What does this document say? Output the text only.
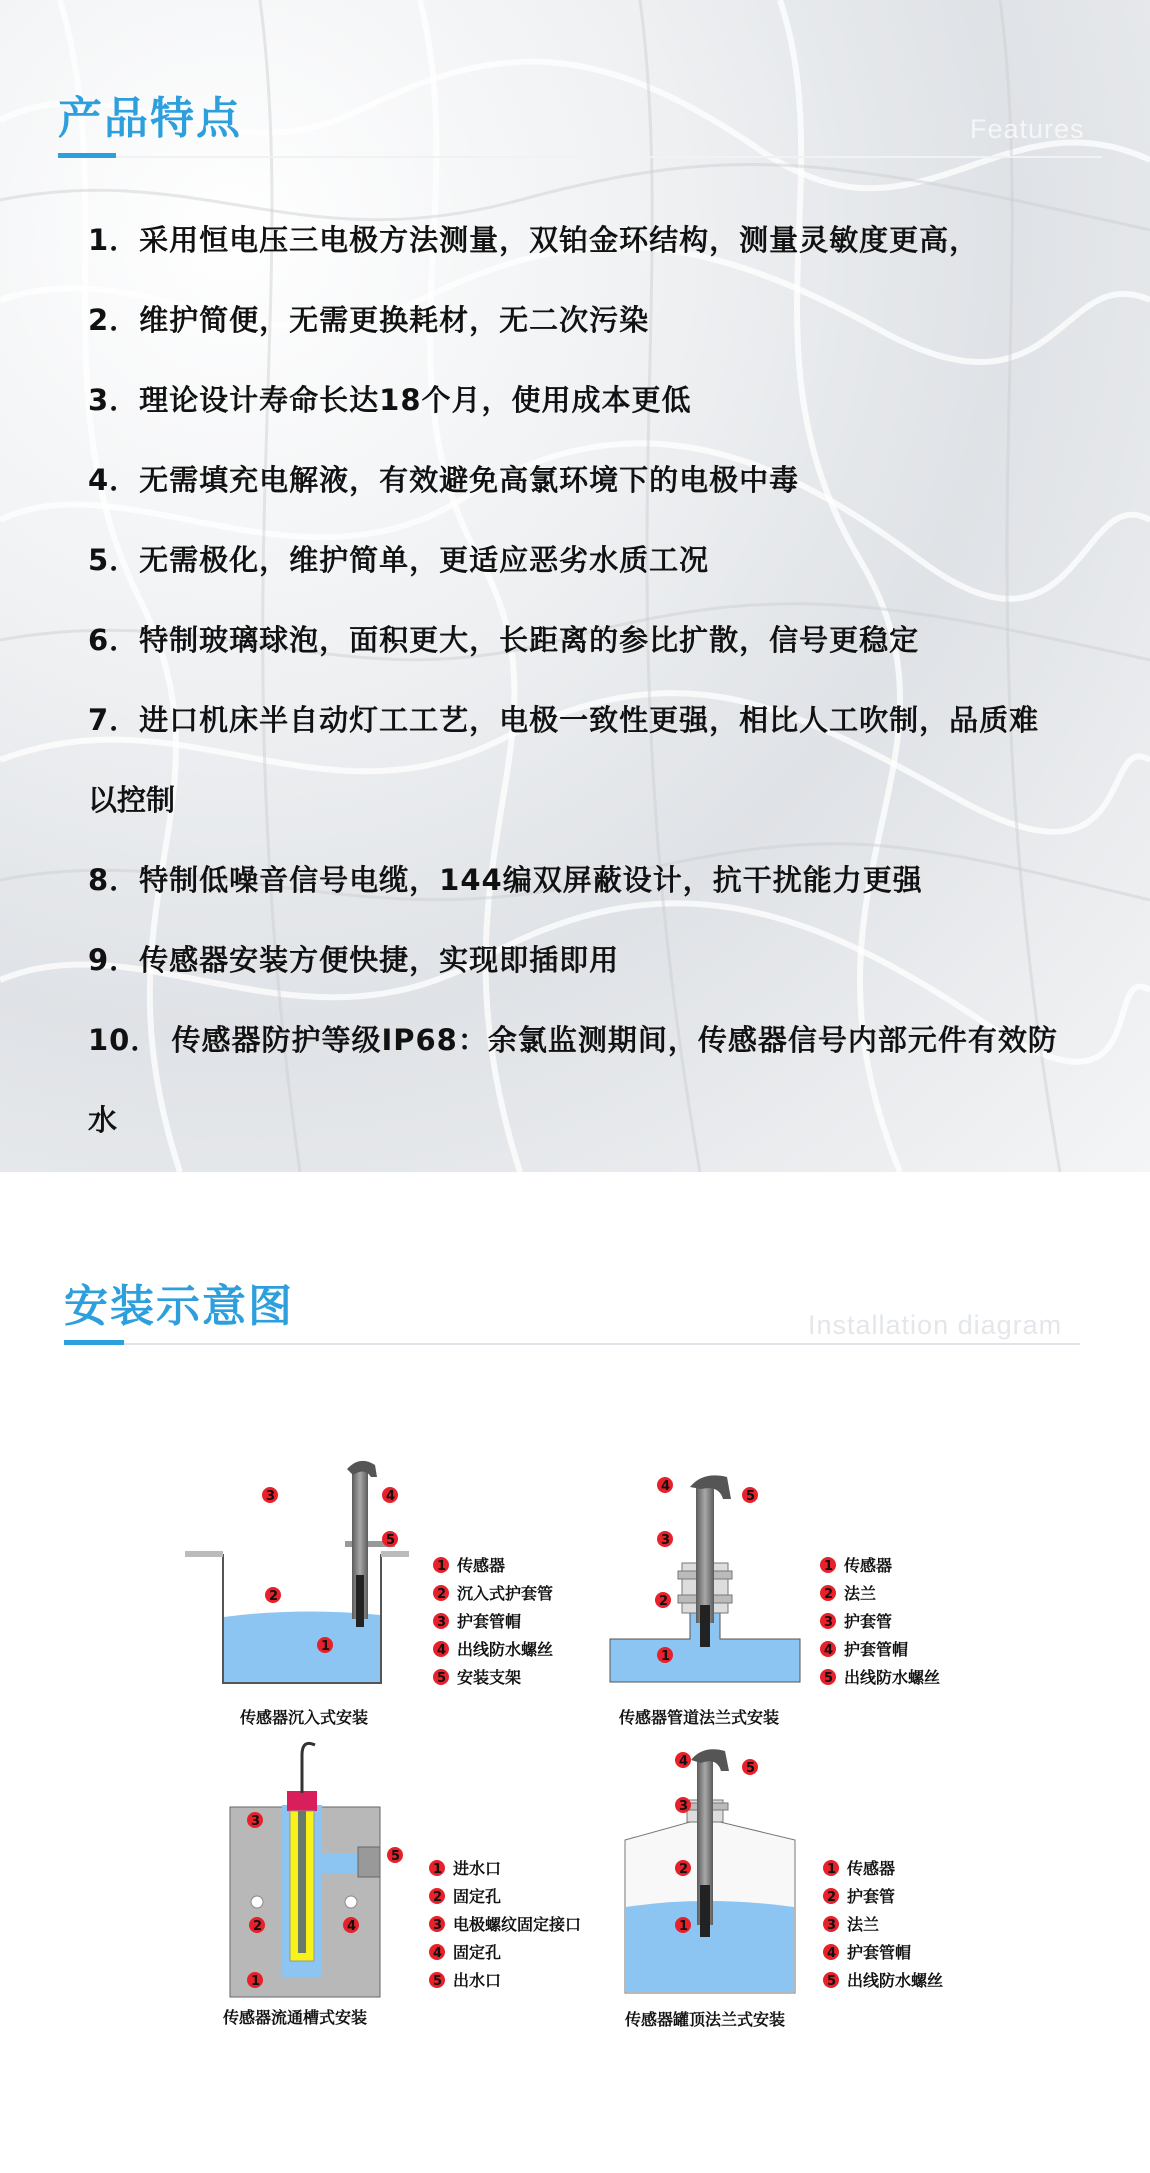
产品特点	Features
1．采用恒电压三电极方法测量，双铂金环结构，测量灵敏度更高，
2．维护简便，无需更换耗材，无二次污染
3．理论设计寿命长达18个月，使用成本更低
4．无需填充电解液，有效避免高氯环境下的电极中毒
5．无需极化，维护简单，更适应恶劣水质工况
6．特制玻璃球泡，面积更大，长距离的参比扩散，信号更稳定
7．进口机床半自动灯工工艺，电极一致性更强，相比人工吹制，品质难
以控制
8．特制低噪音信号电缆，144编双屏蔽设计，抗干扰能力更强
9．传感器安装方便快捷，实现即插即用
10． 传感器防护等级IP68：余氯监测期间，传感器信号内部元件有效防
水
安装示意图	Installation diagram
3	4
5
2
1
传感器沉入式安装
1 传感器
2 沉入式护套管
3 护套管帽
4 出线防水螺丝
5 安装支架
4
5
3
2
1
传感器管道法兰式安装
1 传感器
2 法兰
3 护套管
4 护套管帽
5 出线防水螺丝
3
2	4
5
1
传感器流通槽式安装
1 进水口
2 固定孔
3 电极螺纹固定接口
4 固定孔
5 出水口
4	5
3
2
1
传感器罐顶法兰式安装
1 传感器
2 护套管
3 法兰
4 护套管帽
5 出线防水螺丝
